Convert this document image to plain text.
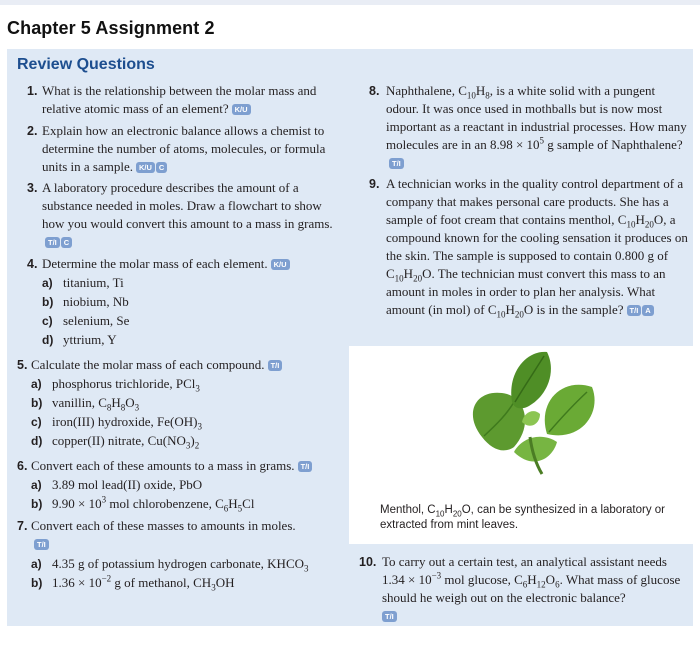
Chapter 5 Assignment 2
Review Questions
1. What is the relationship between the molar mass and relative atomic mass of an element? K/U
2. Explain how an electronic balance allows a chemist to determine the number of atoms, molecules, or formula units in a sample. K/U C
3. A laboratory procedure describes the amount of a substance needed in moles. Draw a flowchart to show how you would convert this amount to a mass in grams.T/I C
4. Determine the molar mass of each element. K/U
a) titanium, Ti
b) niobium, Nb
c) selenium, Se
d) yttrium, Y
5. Calculate the molar mass of each compound. T/I
a) phosphorus trichloride, PCl$_3$
b) vanillin, $C_8H_8O_3$
c) iron(III) hydroxide, $Fe(OH)_3$
d) copper(II) nitrate, $Cu(NO_3)_2$
6. Convert each of these amounts to a mass in grams. T/I
a) 3.89 mol lead(II) oxide, PbO
b) $9.90 \times 10^3$ mol chlorobenzene, $C_6H_5Cl$
7. Convert each of these masses to amounts in moles.T/I
a) 4.35 g of potassium hydrogen carbonate, $KHCO_3$
b) $1.36 \times 10^{-2}$ g of methanol, $CH_3OH$
8. Naphthalene, $C_{10}H_8$, is a white solid with a pungent odour. It was once used in mothballs but is now most important as a reactant in industrial processes. How many molecules are in an $8.98 \times 10^5$ g sample of Naphthalene?T/I
9. A technician works in the quality control department of a company that makes personal care products. She has a sample of foot cream that contains menthol, $C_{10}H_{20}O$, a compound known for the cooling sensation it produces on the skin. The sample is supposed to contain 0.800 g of $C_{10}H_{20}O$. The technician must convert this mass to an amount in moles in order to plan her analysis. What amount (in mol) of $C_{10}H_{20}O$ is in the sample? T/I A
Menthol, $C_{10}H_{20}O$, can be synthesized in a laboratory or extracted from mint leaves.
10. To carry out a certain test, an analytical assistant needs $1.34 \times 10^{-3}$ mol glucose, $C_6H_{12}O_6$. What mass of glucose should he weigh out on the electronic balance?
T/I
